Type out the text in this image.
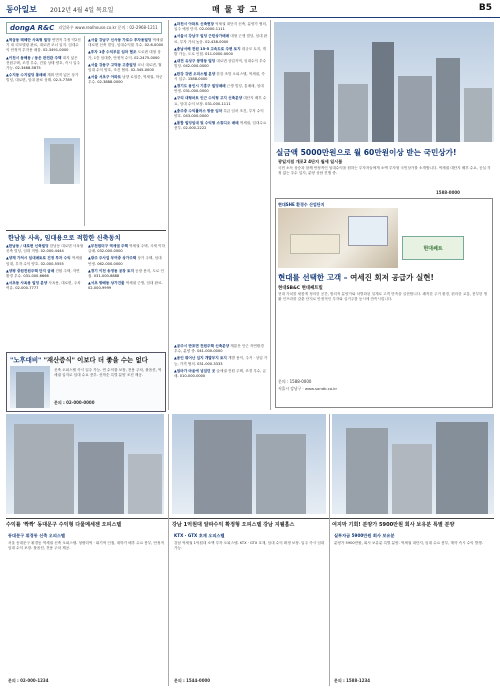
동아일보 2012년 4월 4일 목요일	매 물 광 고	B5
dongA R&C 리얼하우 www.realhouse.co.kr 문의 : 02-2968-1211
▲역삼동 테헤란 사옥형 빌딩 연면적 추정 약2천 기 내 리모델링 완료, 대로변 코너 입지. 임대수익 안정적 투자용 매물. 02-3491-0000
▲이천시 동해동 / 동은 완전관 주택 대지 넓은 전원주택, 조경 우수, 건물 상태 양호, 즉시 입주 가능. 02-3468-5875
▲수지동 수지빌딩 통매매 계획 면적 넓은 상가 빌딩, 대로변, 임대 완료 상태. 02-5-7789
▲서울 강남구 신사동 가로수 투자용빌딩 역세권 대로변 신축 빌딩, 임대수익률 우수. 02-6-0000
▲투자 1층 수익부분 임차 협조 도로변 대형 상가, 1층 임대중, 안정적 수익. 02-2475-0000
▲서울 강동구 고덕동 고층빌딩 코너 대로변, 월 임대 수익 양호, 조건 협의. 02-345-0000
▲서울 서초구 아파트 남향 로열층, 역세권, 학군 우수. 02-3888-0000
▲과천시 아파트 신축현장 역세권 대단지 신축, 분양가 협의, 입주 예정 단지. 02-0000-1111
▲서울시 강남구 빌딩 근린상가매매 대형 근생 빌딩, 임대 완료, 투자 가치 높음. 02-438-0000
▲충남서해 전원 15-5 고속도로 주변 토지 대규모 토지, 개발 가능, 도로 인접. 011-0000-0000
▲대전 유성구 봉명동 빌딩 대로변 상업지역, 임대수익 우수 빌딩. 042-000-0000
▲한강 강변 오피스텔 분양 한강 조망 오피스텔, 역세권, 즉시 입주. 1588-0000
▲경기도 용인시 기흥구 빌딩매매 근생 빌딩, 통매매, 임대 안정. 031-000-0000
▲구리 대형마트 인근 수익형 고지 신축분양 대단지 배후 수요, 임대 수익 보장. 031-000-1111
▲충주중 수익플러스 방문 임차 특급 임차 조건, 투자 수익 양호. 043-000-0000
▲통합 빌딩임대 및 수익형 스튜디오 매매 역세권, 임대수요 풍부. 02-000-2222
▲공주시 반포면 전원주택 신축분양 계룡산 인근 자연환경 우수, 분양 중. 041-000-0000
▲용인 뛰어난 입지 개발부지 토지 개발 용이, 주거 · 상업 가능, 가격 협의. 031-000-3333
▲엄마가 마음에 넣었던 곳 숲세권 전원 주택, 조경 우수, 급매. 010-000-0000
실금액 5000만원으로 월 60만원이상 받는 국민상가!
광일지점 개포2 4단지 월세 일시불
국민 소득 상승과 함께 안정적인 임대수익을 원하는 투자자들에게 소액 투자형 국민상가를 소개합니다. 역세권 대단지 배후 수요, 공실 걱정 없는 우수 입지, 분양 상담 진행 중.
1588-0000
현대SHE 환경수 산업단지
현대쎄트
현대를 선택한 고객 – 여세진 회저 공급가 실현!
현대SB&C 현대쎄트빌
현대 가치를 새롭게 정의한 공간, 합리적 분양가와 차별화된 설계로 고객 만족을 실현합니다. 쾌적한 주거 환경, 편리한 교통, 풍부한 생활 인프라를 갖춘 단지로 안정적인 투자와 실거주를 동시에 만족시킵니다.
문의 : 1588-0000
서울시 강남구 · www.sandb.co.kr
한남동 사옥, 임대용으로 적합한 신축동치
▲한남동 / 대로변 신축빌딩 한남동 대로변 사옥형 신축 빌딩, 임대 적합. 02-000-4444
▲양재 가처시 임대매토로 진정 투자 수익 역세권 임대, 투자 수익 양호. 02-000-5555
▲양평 중원전원주택 단지 급매 전원 주택, 자연 환경 우수. 031-000-6666
▲서초동 사옥용 빌딩 분양 사옥용, 대로변, 주차 여유. 02-000-7777
▲부천원미구 역세권 주택 역세권 주택, 시세 이하 급매. 032-000-0000
▲광주 주사업 부여중 상가주택 상가 주택, 임대 안정. 062-000-0000
▲경기 이천 송정동 공장 토지 공장 용지, 도로 인접. 031-000-8888
▲서초 방배동 상가건물 역세권 근생, 임대 완료. 02-000-9999
"노후대비" "재산증식" 이보다 더 좋을 수는 없다
신축 오피스텔 즉시 입주 가능. 연 수익률 보장, 전용 주차, 풀옵션, 역세권 입지로 임대 수요 풍부. 선착순 특별 분양 조건 제공.
문의 : 02-000-0000
수익률 '짝짝' 동대문구 수익형 다물메세젠 오피스텔	강남 1억원대 알파수익 확정형 오피스텔 강남 지웰홈스	여지막 기회! 분양가 5900만원 회사 보유분 특별 분양
동대문구 휘경동 신축 오피스텔	KTX · GTX 호재 오피스텔	실투자금 5900만원 회사 보유분
서울 동대문구 휘경동 역세권 신축 오피스텔. 청량리역 · 회기역 인접, 대학가 배후 수요 풍부, 안정적 임대 수익 보장. 풀옵션, 전용 주차 제공.
강남 역세권 1억원대 소액 투자 오피스텔. KTX · GTX 호재, 임대 수익 확정 보장. 입주 즉시 임대 가능.
분양가 5900만원, 회사 보유분 특별 분양. 역세권 대단지, 임대 수요 풍부, 계약 즉시 수익 발생.
문의 : 02-000-1234	문의 : 1544-0000	문의 : 1588-1234
